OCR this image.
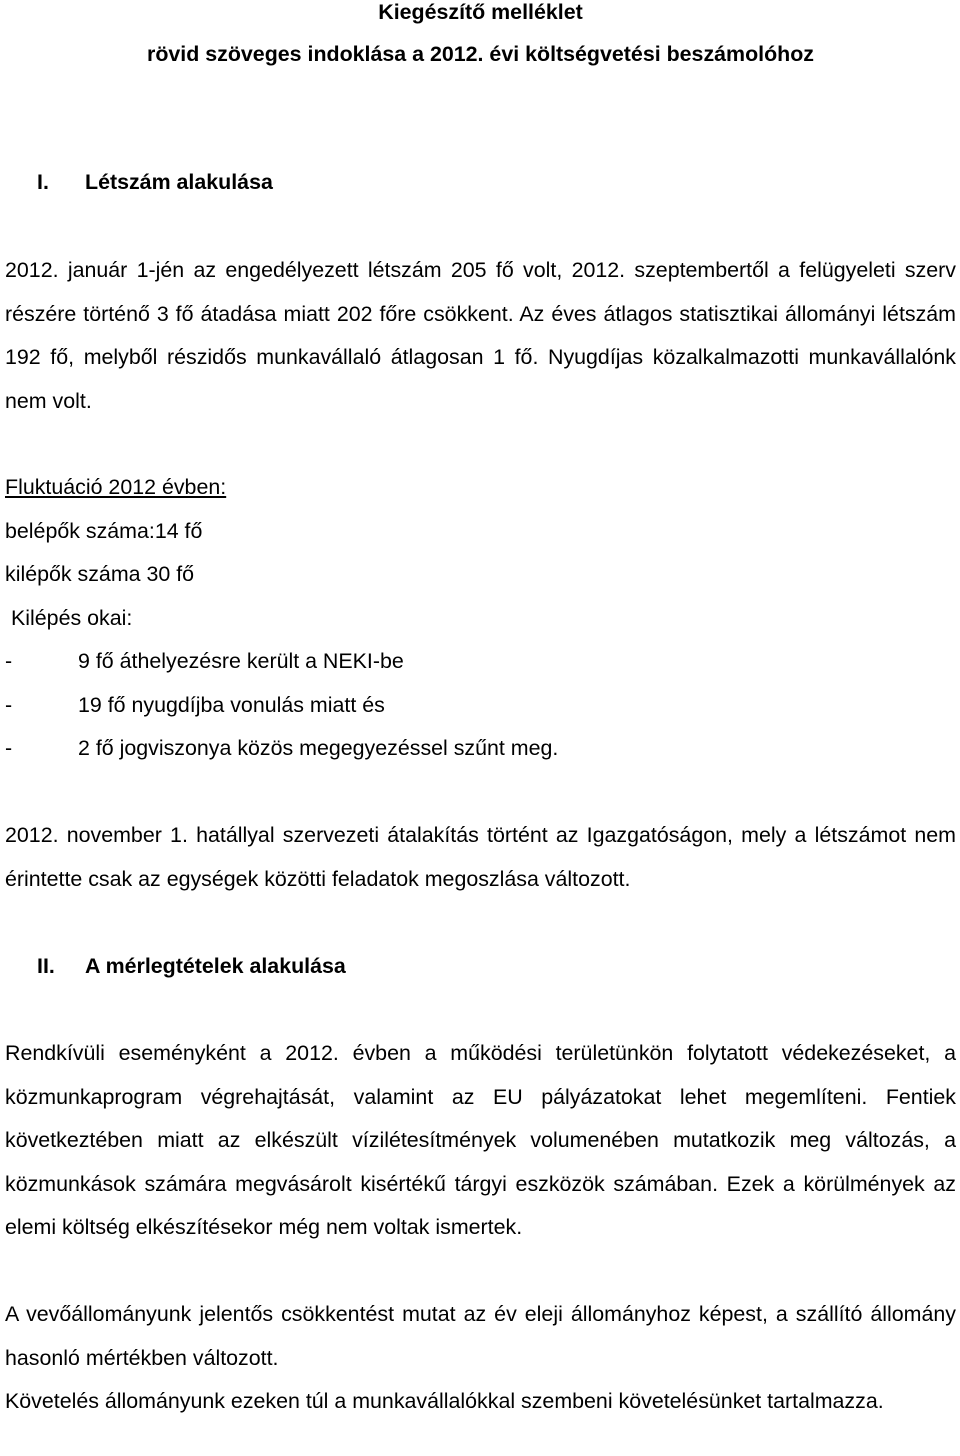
Kiegészítő melléklet
rövid szöveges indoklása a 2012. évi költségvetési beszámolóhoz
I. Létszám alakulása

2012. január 1-jén az engedélyezett létszám 205 fő volt, 2012. szeptembertől a felügyeleti szerv részére történő 3 fő átadása miatt 202 főre csökkent. Az éves átlagos statisztikai állományi létszám 192 fő, melyből részidős munkavállaló átlagosan 1 fő. Nyugdíjas közalkalmazotti munkavállalónk nem volt.

Fluktuáció 2012 évben:
belépők száma:14 fő
kilépők száma 30 fő
Kilépés okai:
-	9 fő áthelyezésre került a NEKI-be
-	19 fő nyugdíjba vonulás miatt és
-	2 fő jogviszonya közös megegyezéssel szűnt meg.

2012. november 1. hatállyal szervezeti átalakítás történt az Igazgatóságon, mely a létszámot nem érintette csak az egységek közötti feladatok megoszlása változott.

II. A mérlegtételek alakulása

Rendkívüli eseményként a 2012. évben a működési területünkön folytatott védekezéseket, a közmunkaprogram végrehajtását, valamint az EU pályázatokat lehet megemlíteni. Fentiek következtében miatt az elkészült vízilétesítmények volumenében mutatkozik meg változás, a közmunkások számára megvásárolt kisértékű tárgyi eszközök számában. Ezek a körülmények az elemi költség elkészítésekor még nem voltak ismertek.

A vevőállományunk jelentős csökkentést mutat az év eleji állományhoz képest, a szállító állomány hasonló mértékben változott.

Követelés állományunk ezeken túl a munkavállalókkal szembeni követelésünket tartalmazza.
